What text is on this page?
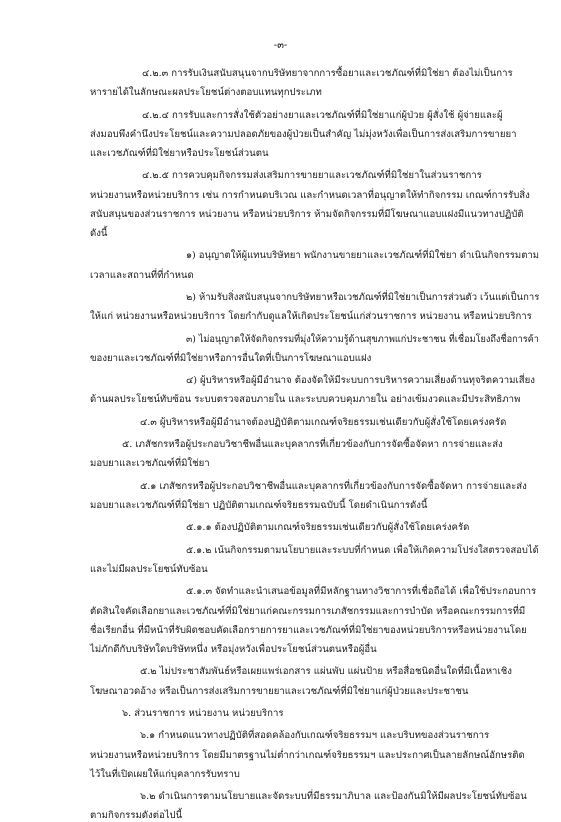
-๓-
๔.๒.๓ การรับเงินสนับสนุนจากบริษัทยาจากการซื้อยาและเวชภัณฑ์ที่มิใช่ยา ต้องไม่เป็นการ
หารายได้ในลักษณะผลประโยชน์ต่างตอบแทนทุกประเภท
๔.๒.๔ การรับและการสั่งใช้ตัวอย่างยาและเวชภัณฑ์ที่มิใช่ยาแก่ผู้ป่วย ผู้สั่งใช้ ผู้จ่ายและผู้
ส่งมอบพึงคำนึงประโยชน์และความปลอดภัยของผู้ป่วยเป็นสำคัญ ไม่มุ่งหวังเพื่อเป็นการส่งเสริมการขายยา
และเวชภัณฑ์ที่มิใช่ยาหรือประโยชน์ส่วนตน
๔.๒.๕ การควบคุมกิจกรรมส่งเสริมการขายยาและเวชภัณฑ์ที่มิใช่ยาในส่วนราชการ
หน่วยงานหรือหน่วยบริการ เช่น การกำหนดบริเวณ และกำหนดเวลาที่อนุญาตให้ทำกิจกรรม เกณฑ์การรับสิ่ง
สนับสนุนของส่วนราชการ หน่วยงาน หรือหน่วยบริการ ห้ามจัดกิจกรรมที่มีโฆษณาแอบแฝงมีแนวทางปฏิบัติ
ดังนี้
๑) อนุญาตให้ผู้แทนบริษัทยา พนักงานขายยาและเวชภัณฑ์ที่มิใช่ยา ดำเนินกิจกรรมตาม
เวลาและสถานที่ที่กำหนด
๒) ห้ามรับสิ่งสนับสนุนจากบริษัทยาหรือเวชภัณฑ์ที่มิใช่ยาเป็นการส่วนตัว เว้นแต่เป็นการ
ให้แก่ หน่วยงานหรือหน่วยบริการ โดยกำกับดูแลให้เกิดประโยชน์แก่ส่วนราชการ หน่วยงาน หรือหน่วยบริการ
๓) ไม่อนุญาตให้จัดกิจกรรมที่มุ่งให้ความรู้ด้านสุขภาพแก่ประชาชน ที่เชื่อมโยงถึงชื่อการค้า
ของยาและเวชภัณฑ์ที่มิใช่ยาหรือการอื่นใดที่เป็นการโฆษณาแอบแฝง
๔) ผู้บริหารหรือผู้มีอำนาจ ต้องจัดให้มีระบบการบริหารความเสี่ยงด้านทุจริตความเสี่ยง
ด้านผลประโยชน์ทับซ้อน ระบบตรวจสอบภายใน และระบบควบคุมภายใน อย่างเข้มงวดและมีประสิทธิภาพ
๔.๓ ผู้บริหารหรือผู้มีอำนาจต้องปฏิบัติตามเกณฑ์จริยธรรมเช่นเดียวกับผู้สั่งใช้โดยเคร่งครัด
๕. เภสัชกรหรือผู้ประกอบวิชาชีพอื่นและบุคลากรที่เกี่ยวข้องกับการจัดซื้อจัดหา การจ่ายและส่ง
มอบยาและเวชภัณฑ์ที่มิใช่ยา
๕.๑ เภสัชกรหรือผู้ประกอบวิชาชีพอื่นและบุคลากรที่เกี่ยวข้องกับการจัดซื้อจัดหา การจ่ายและส่ง
มอบยาและเวชภัณฑ์ที่มิใช่ยา ปฏิบัติตามเกณฑ์จริยธรรมฉบับนี้ โดยดำเนินการดังนี้
๕.๑.๑ ต้องปฏิบัติตามเกณฑ์จริยธรรมเช่นเดียวกับผู้สั่งใช้โดยเคร่งครัด
๕.๑.๒ เน้นกิจกรรมตามนโยบายและระบบที่กำหนด เพื่อให้เกิดความโปร่งใสตรวจสอบได้
และไม่มีผลประโยชน์ทับซ้อน
๕.๑.๓ จัดทำและนำเสนอข้อมูลที่มีหลักฐานทางวิชาการที่เชื่อถือได้ เพื่อใช้ประกอบการ
ตัดสินใจคัดเลือกยาและเวชภัณฑ์ที่มิใช่ยาแก่คณะกรรมการเภสัชกรรมและการบำบัด หรือคณะกรรมการที่มี
ชื่อเรียกอื่น ที่มีหน้าที่รับผิดชอบคัดเลือกรายการยาและเวชภัณฑ์ที่มิใช่ยาของหน่วยบริการหรือหน่วยงานโดย
ไม่ภักดีกับบริษัทใดบริษัทหนึ่ง หรือมุ่งหวังเพื่อประโยชน์ส่วนตนหรือผู้อื่น
๕.๒ ไม่ประชาสัมพันธ์หรือเผยแพร่เอกสาร แผ่นพับ แผ่นป้าย หรือสื่อชนิดอื่นใดที่มีเนื้อหาเชิง
โฆษณาอวดอ้าง หรือเป็นการส่งเสริมการขายยาและเวชภัณฑ์ที่มิใช่ยาแก่ผู้ป่วยและประชาชน
๖. ส่วนราชการ หน่วยงาน หน่วยบริการ
๖.๑ กำหนดแนวทางปฏิบัติที่สอดคล้องกับเกณฑ์จริยธรรมฯ และบริบทของส่วนราชการ
หน่วยงานหรือหน่วยบริการ โดยมีมาตรฐานไม่ต่ำกว่าเกณฑ์จริยธรรมฯ และประกาศเป็นลายลักษณ์อักษรติด
ไว้ในที่เปิดเผยให้แก่บุคลากรรับทราบ
๖.๒ ดำเนินการตามนโยบายและจัดระบบที่มีธรรมาภิบาล และป้องกันมิให้มีผลประโยชน์ทับซ้อน
ตามกิจกรรมดังต่อไปนี้
